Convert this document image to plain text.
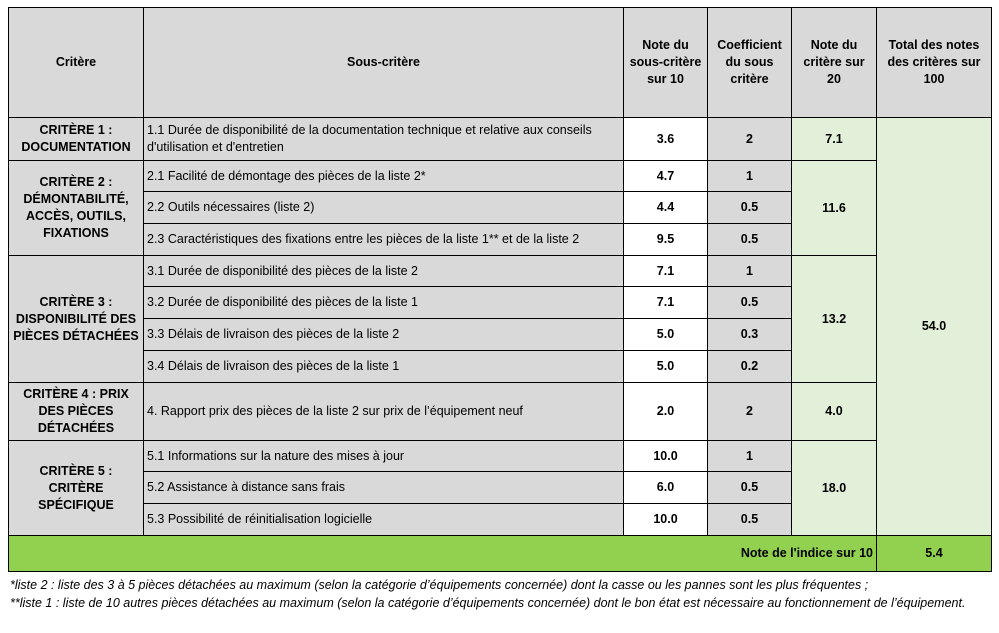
Critère	Sous-critère	Note du sous-critère sur 10	Coefficient du sous critère	Note du critère sur 20	Total des notes des critères sur 100
CRITÈRE 1 : DOCUMENTATION	1.1 Durée de disponibilité de la documentation technique et relative aux conseils d'utilisation et d'entretien	3.6	2	7.1	54.0
CRITÈRE 2 : DÉMONTABILITÉ, ACCÈS, OUTILS, FIXATIONS	2.1 Facilité de démontage des pièces de la liste 2*	4.7	1	11.6	
	2.2 Outils nécessaires (liste 2)	4.4	0.5		
	2.3 Caractéristiques des fixations entre les pièces de la liste 1** et de la liste 2	9.5	0.5		
CRITÈRE 3 : DISPONIBILITÉ DES PIÈCES DÉTACHÉES	3.1 Durée de disponibilité des pièces de la liste 2	7.1	1	13.2	
	3.2 Durée de disponibilité des pièces de la liste 1	7.1	0.5		
	3.3 Délais de livraison des pièces de la liste 2	5.0	0.3		
	3.4 Délais de livraison des pièces de la liste 1	5.0	0.2		
CRITÈRE 4 : PRIX DES PIÈCES DÉTACHÉES	4. Rapport prix des pièces de la liste 2 sur prix de l’équipement neuf	2.0	2	4.0	
CRITÈRE 5 : CRITÈRE SPÉCIFIQUE	5.1 Informations sur la nature des mises à jour	10.0	1	18.0	
	5.2 Assistance à distance sans frais	6.0	0.5		
	5.3 Possibilité de réinitialisation logicielle	10.0	0.5		
Note de l'indice sur 10					5.4

*liste 2 : liste des 3 à 5 pièces détachées au maximum (selon la catégorie d’équipements concernée) dont la casse ou les pannes sont les plus fréquentes ;

**liste 1 : liste de 10 autres pièces détachées au maximum (selon la catégorie d’équipements concernée) dont le bon état est nécessaire au fonctionnement de l’équipement.
